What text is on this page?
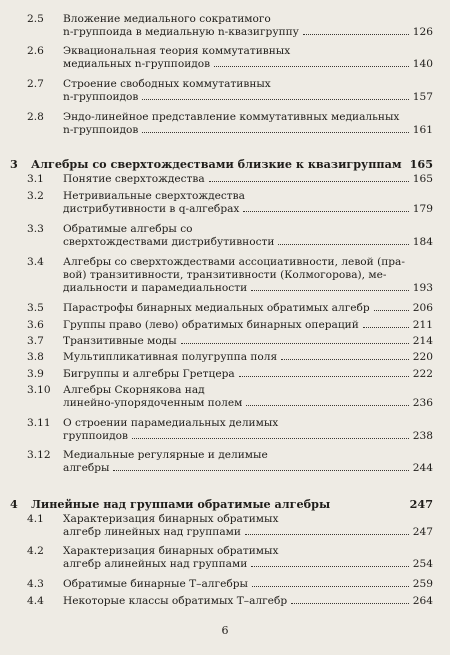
2.5 Вложение медиального сократимого
n-группоида в медиальную n-квазигруппу	126
2.6 Эквациональная теория коммутативных
медиальных n-группоидов	140
2.7 Строение свободных коммутативных
n-группоидов	157
2.8 Эндо-линейное представление коммутативных медиальных
n-группоидов	161
3 Алгебры со сверхтождествами близкие к квазигруппам 165
3.1 Понятие сверхтождества	165
3.2 Нетривиальные сверхтождества
дистрибутивности в q-алгебрах	179
3.3 Обратимые алгебры со
сверхтождествами дистрибутивности	184
3.4 Алгебры со сверхтождествами ассоциативности, левой (пра-
вой) транзитивности, транзитивности (Колмогорова), ме-
диальности и парамедиальности	193
3.5 Парастрофы бинарных медиальных обратимых алгебр	206
3.6 Группы право (лево) обратимых бинарных операций	211
3.7 Транзитивные моды	214
3.8 Мультипликативная полугруппа поля	220
3.9 Бигруппы и алгебры Гретцера	222
3.10 Алгебры Скорнякова над
линейно-упорядоченным полем	236
3.11 О строении парамедиальных делимых
группоидов	238
3.12 Медиальные регулярные и делимые
алгебры	244
4 Линейные над группами обратимые алгебры	247
4.1 Характеризация бинарных обратимых
алгебр линейных над группами	247
4.2 Характеризация бинарных обратимых
алгебр алинейных над группами	254
4.3 Обратимые бинарные T–алгебры	259
4.4 Некоторые классы обратимых T–алгебр	264
6
